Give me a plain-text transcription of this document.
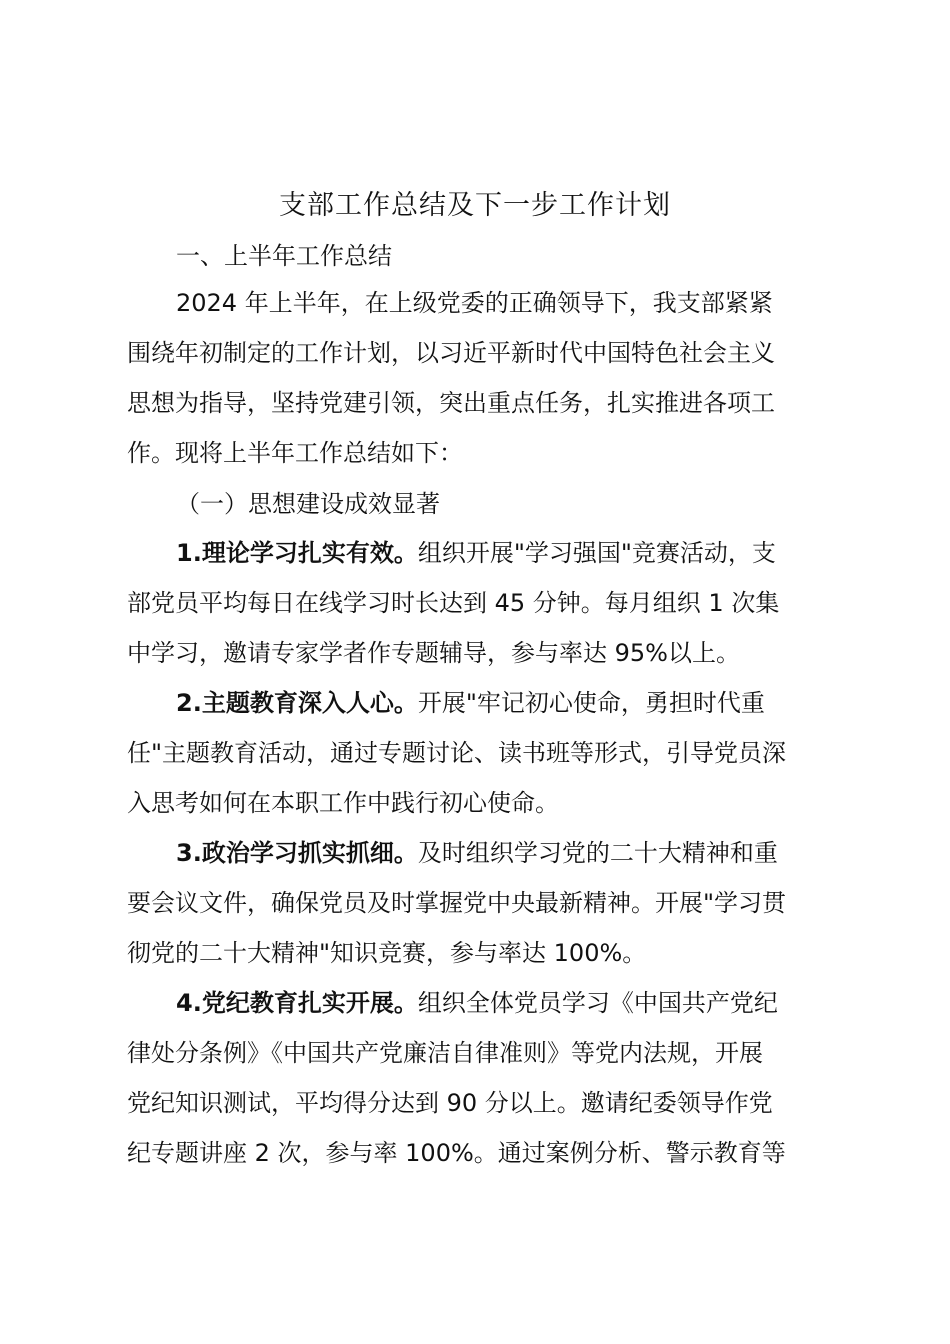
支部工作总结及下一步工作计划
一、上半年工作总结

2024 年上半年，在上级党委的正确领导下，我支部紧紧
围绕年初制定的工作计划，以习近平新时代中国特色社会主义
思想为指导，坚持党建引领，突出重点任务，扎实推进各项工
作。现将上半年工作总结如下：

（一）思想建设成效显著

1.理论学习扎实有效。组织开展"学习强国"竞赛活动，支
部党员平均每日在线学习时长达到 45 分钟。每月组织 1 次集
中学习，邀请专家学者作专题辅导，参与率达 95%以上。

2.主题教育深入人心。开展"牢记初心使命，勇担时代重
任"主题教育活动，通过专题讨论、读书班等形式，引导党员深
入思考如何在本职工作中践行初心使命。

3.政治学习抓实抓细。及时组织学习党的二十大精神和重
要会议文件，确保党员及时掌握党中央最新精神。开展"学习贯
彻党的二十大精神"知识竞赛，参与率达 100%。

4.党纪教育扎实开展。组织全体党员学习《中国共产党纪
律处分条例》《中国共产党廉洁自律准则》等党内法规，开展
党纪知识测试，平均得分达到 90 分以上。邀请纪委领导作党
纪专题讲座 2 次，参与率 100%。通过案例分析、警示教育等
